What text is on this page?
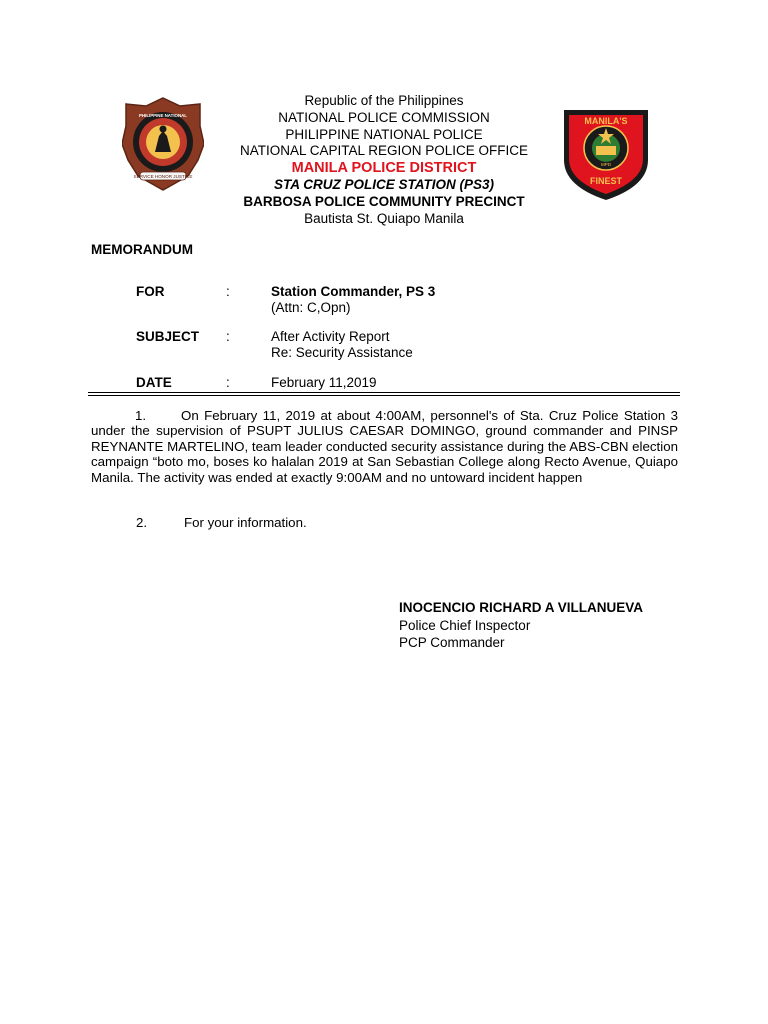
SERVICE HONOR JUSTICE
PHILIPPINE NATIONAL
MANILA'S
FINEST
MPD
Republic of the Philippines
NATIONAL POLICE COMMISSION
PHILIPPINE NATIONAL POLICE
NATIONAL CAPITAL REGION POLICE OFFICE
MANILA POLICE DISTRICT
STA CRUZ POLICE STATION (PS3)
BARBOSA POLICE COMMUNITY PRECINCT
Bautista St. Quiapo Manila
MEMORANDUM
FOR	:	Station Commander, PS 3
(Attn: C,Opn)
SUBJECT :	After Activity Report
Re: Security Assistance
DATE	:	February 11,2019
1.	On February 11, 2019 at about 4:00AM, personnel's of Sta. Cruz Police Station 3 under the supervision of PSUPT JULIUS CAESAR DOMINGO, ground commander and PINSP REYNANTE MARTELINO, team leader conducted security assistance during the ABS-CBN election campaign “boto mo, boses ko halalan 2019 at San Sebastian College along Recto Avenue, Quiapo Manila. The activity was ended at exactly 9:00AM and no untoward incident happen
2.	For your information.
INOCENCIO RICHARD A VILLANUEVA
Police Chief Inspector
PCP Commander
